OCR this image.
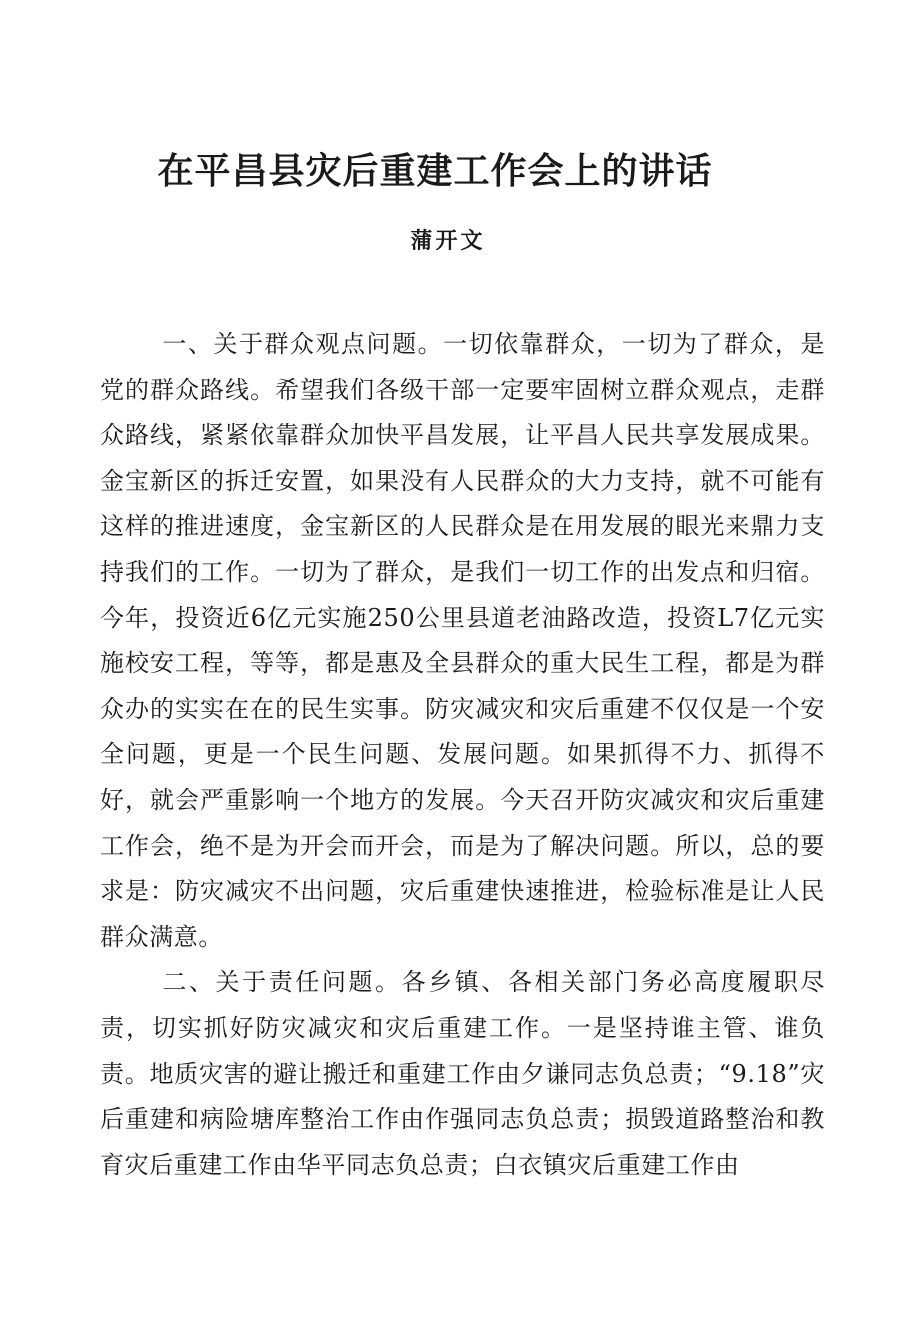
在平昌县灾后重建工作会上的讲话
蒲开文

一、关于群众观点问题。一切依靠群众，一切为了群众，是党的群众路线。希望我们各级干部一定要牢固树立群众观点，走群众路线，紧紧依靠群众加快平昌发展，让平昌人民共享发展成果。金宝新区的拆迁安置，如果没有人民群众的大力支持，就不可能有这样的推进速度，金宝新区的人民群众是在用发展的眼光来鼎力支持我们的工作。一切为了群众，是我们一切工作的出发点和归宿。今年，投资近6亿元实施250公里县道老油路改造，投资L7亿元实施校安工程，等等，都是惠及全县群众的重大民生工程，都是为群众办的实实在在的民生实事。防灾减灾和灾后重建不仅仅是一个安全问题，更是一个民生问题、发展问题。如果抓得不力、抓得不好，就会严重影响一个地方的发展。今天召开防灾减灾和灾后重建工作会，绝不是为开会而开会，而是为了解决问题。所以，总的要求是：防灾减灾不出问题，灾后重建快速推进，检验标准是让人民群众满意。

二、关于责任问题。各乡镇、各相关部门务必高度履职尽责，切实抓好防灾减灾和灾后重建工作。一是坚持谁主管、谁负责。地质灾害的避让搬迁和重建工作由夕谦同志负总责；“9.18”灾后重建和病险塘库整治工作由作强同志负总责；损毁道路整治和教育灾后重建工作由华平同志负总责；白衣镇灾后重建工作由
